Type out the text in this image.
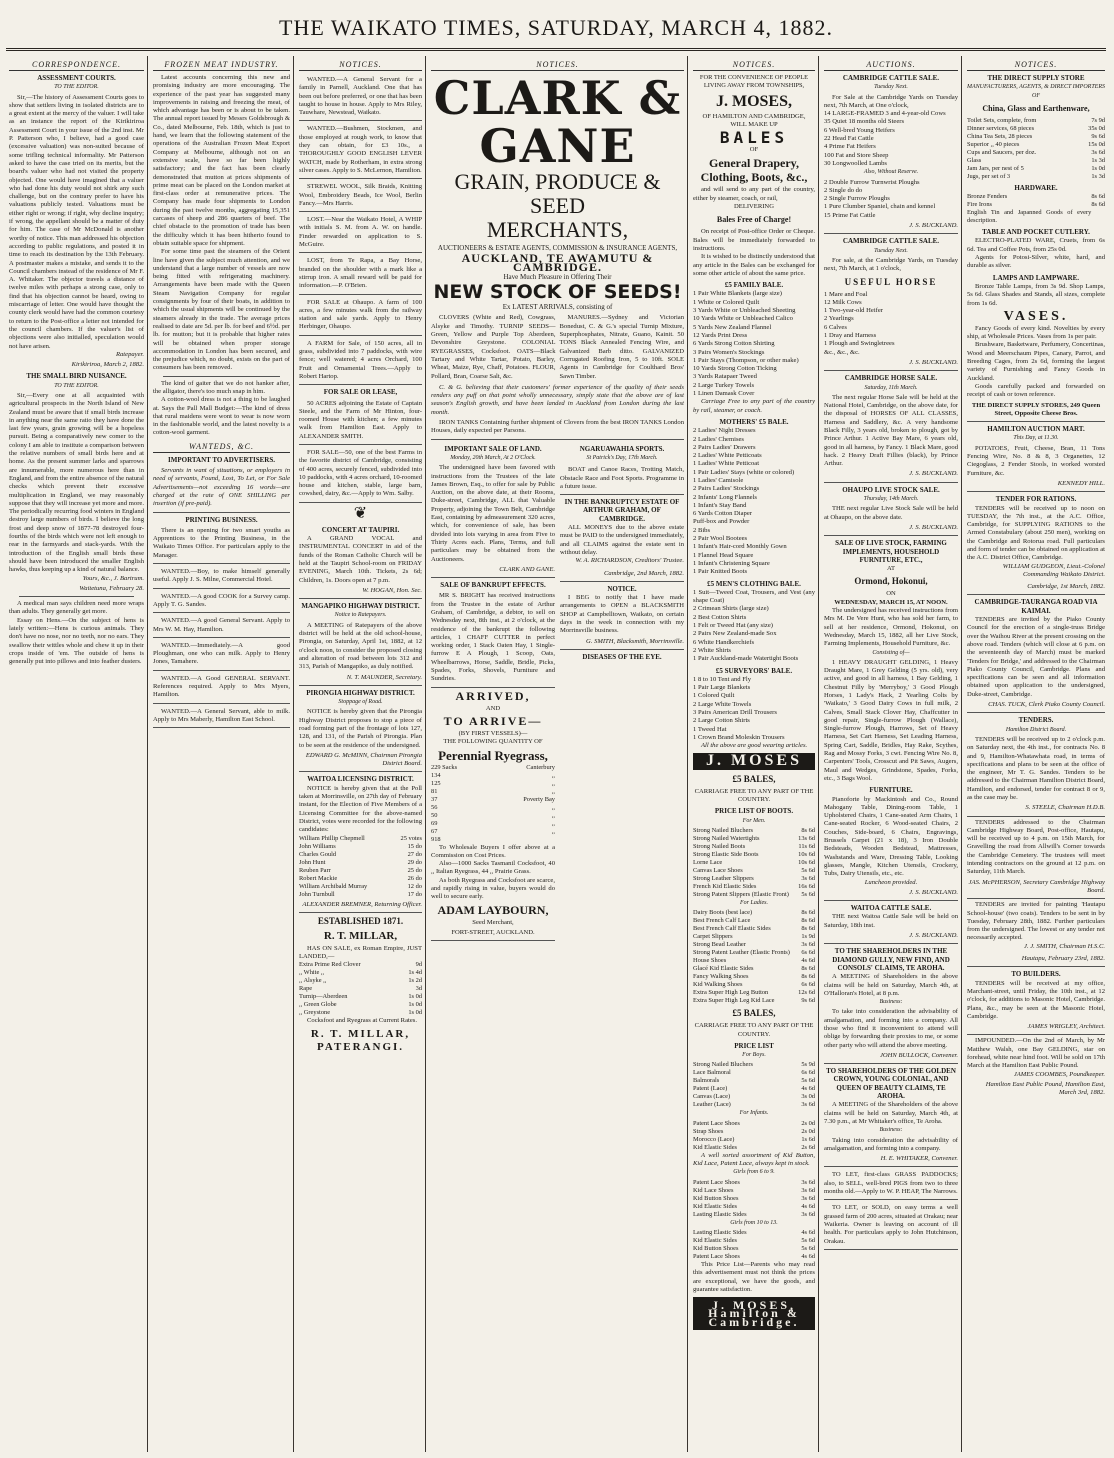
THE WAIKATO TIMES, SATURDAY, MARCH 4, 1882.
CORRESPONDENCE.
ASSESSMENT COURTS.
TO THE EDITOR.

Sir,—The history of Assessment Courts goes to show that settlers living in isolated districts are to a great extent at the mercy of the valuer. I will take as an instance the report of the Kirikiriroa Assessment Court in your issue of the 2nd inst. Mr P. Patterson who, I believe, had a good case (excessive valuation) was non-suited because of some trifling technical informality. Mr Patterson asked to have the case tried on its merits, but the board's valuer who had not visited the property objected. One would have imagined that a valuer who had done his duty would not shirk any such challenge, but on the contrary prefer to have his valuations publicly tested. Valuations must be either right or wrong; if right, why decline inquiry; if wrong, the appellant should be a matter of duty for him. The case of Mr McDonald is another worthy of notice. This man addressed his objection according to public regulations, and posted it in time to reach its destination by the 13th February. A postmaster makes a mistake, and sends it to the Council chambers instead of the residence of Mr F. A. Whitaker. The objector travels a distance of twelve miles with perhaps a strong case, only to find that his objection cannot be heard, owing to miscarriage of letter. One would have thought the county clerk would have had the common courtesy to return to the Post-office a letter not intended for the council chambers. If the valuer's list of objections were also initialled, speculation would not have arisen.

Ratepayer.
Kirikiriroa, March 2, 1882.
THE SMALL BIRD NUISANCE.
TO THE EDITOR.

Sir,—Every one at all acquainted with agricultural prospects in the North Island of New Zealand must be aware that if small birds increase in anything near the same ratio they have done the last few years, grain growing will be a hopeless pursuit. Being a comparatively new comer to the colony I am able to institute a comparison between the relative numbers of small birds here and at home. As the present summer larks and sparrows are innumerable, more numerous here than in England, and from the entire absence of the natural checks which prevent their excessive multiplication in England, we may reasonably suppose that they will increase yet more and more. The periodically recurring food winters in England destroy large numbers of birds. I believe the long frost and deep snow of 1877-78 destroyed four-fourths of the birds which were not left enough to rear in the farmyards and stack-yards. With the introduction of the English small birds these should have been introduced the smaller English hawks, thus keeping up a kind of natural balance.

Yours, &c., J. Bartrum.
Waitetuna, February 28.

A medical man says children need more wraps than adults. They generally get more.

Essay on Hens.—On the subject of hens is lately written:—Hens is curious animals. They don't have no nose, nor no teeth, nor no ears. They swallow their wittles whole and chew it up in their crops inside of 'em. The outside of hens is generally put into pillows and into feather dusters.

FROZEN MEAT INDUSTRY.

Latest accounts concerning this new and promising industry are more encouraging. The experience of the past year has suggested many improvements in raising and freezing the meat, of which advantage has been or is about to be taken. The annual report issued by Messrs Goldsbrough & Co., dated Melbourne, Feb. 18th, which is just to hand, we learn that the following statement of the operations of the Australian Frozen Meat Export Company at Melbourne, although not on an extensive scale, have so far been highly satisfactory; and the fact has been clearly demonstrated that mutton at prices shipments of prime meat can be placed on the London market at first-class order at remunerative prices. The Company has made four shipments to London during the past twelve months, aggregating 15,351 carcases of sheep and 286 quarters of beef. The chief obstacle to the promotion of trade has been the difficulty which it has been hitherto found to obtain suitable space for shipment.

For some time past the steamers of the Orient line have given the subject much attention, and we understand that a large number of vessels are now being fitted with refrigerating machinery. Arrangements have been made with the Queen Steam Navigation Company for regular consignments by four of their boats, in addition to which the usual shipments will be continued by the steamers already in the trade. The average prices realised to date are 5d. per lb. for beef and 6½d. per lb. for mutton; but it is probable that higher rates will be obtained when proper storage accommodation in London has been secured, and the prejudice which, no doubt, exists on the part of consumers has been removed.

The kind of gaiter that we do not hanker after, the alligator, there's too much snap in him.

A cotton-wool dress is not a thing to be laughed at. Says the Pall Mall Budget:—The kind of dress that rural maidens were wont to wear is now worn in the fashionable world, and the latest novelty is a cotton-wool garment.

WANTEDS, &C.
IMPORTANT TO ADVERTISERS.

Servants in want of situations, or employers in need of servants, Found, Lost, To Let, or For Sale Advertisements—not exceeding 16 words—are charged at the rate of ONE SHILLING per insertion (if pre-paid).

PRINTING BUSINESS.

There is an opening for two smart youths as Apprentices to the Printing Business, in the Waikato Times Office. For particulars apply to the Manager.

WANTED.—Boy, to make himself generally useful. Apply J. S. Milne, Commercial Hotel.

WANTED.—A good COOK for a Survey camp. Apply T. G. Sandes.

WANTED.—A good General Servant. Apply to Mrs W. M. Hay, Hamilton.

WANTED.—Immediately.—A good Ploughman, one who can milk. Apply to Henry Jones, Tamahere.

WANTED.—A Good GENERAL SERVANT. References required. Apply to Mrs Myers, Hamilton.

WANTED.—A General Servant, able to milk. Apply to Mrs Maberly, Hamilton East School.

NOTICES.

WANTED.—A General Servant for a family in Parnell, Auckland. One that has been out before preferred, or one that has been taught to house in house. Apply to Mrs Riley, Tauwhare, Newstead, Waikato.

WANTED.—Bushmen, Stockmen, and those employed at rough work, to know that they can obtain, for £3 10s., a THOROUGHLY GOOD ENGLISH LEVER WATCH, made by Rotherham, in extra strong silver cases. Apply to S. McLernon, Hamilton.

STREWEL WOOL, Silk Braids, Knitting Wool, Embroidery Beads, Ice Wool, Berlin Fancy.—Mrs Harris.

LOST.—Near the Waikato Hotel, A WHIP with initials S. M. from A. W. on handle. Finder rewarded on application to S. McGuire.

LOST, from Te Rapa, a Bay Horse, branded on the shoulder with a mark like a stirrup iron. A small reward will be paid for information.—P. O'Brien.

FOR SALE at Ohaupo. A farm of 100 acres, a few minutes walk from the railway station and sale yards. Apply to Henry Herbinger, Ohaupo.

A FARM for Sale, of 150 acres, all in grass, subdivided into 7 paddocks, with wire fence; well watered; 4 acres Orchard, 100 Fruit and Ornamental Trees.—Apply to Robert Hartop.

FOR SALE OR LEASE,

50 ACRES adjoining the Estate of Captain Steele, and the Farm of Mr Hinton, four-roomed House with kitchen; a few minutes walk from Hamilton East. Apply to ALEXANDER SMITH.

FOR SALE—50, one of the best Farms in the favorite district of Cambridge, consisting of 400 acres, securely fenced, subdivided into 10 paddocks, with 4 acres orchard, 10-roomed house and kitchen, stable, large barn, cowshed, dairy, &c.—Apply to Wm. Salby.

❦
CONCERT AT TAUPIRI.

A GRAND VOCAL and INSTRUMENTAL CONCERT in aid of the funds of the Roman Catholic Church will be held at the Taupiri School-room on FRIDAY EVENING, March 10th. Tickets, 2s 6d; Children, 1s. Doors open at 7 p.m.

W. HOGAN, Hon. Sec.
MANGAPIKO HIGHWAY DISTRICT.
Notice to Ratepayers.

A MEETING of Ratepayers of the above district will be held at the old school-house, Pirongia, on Saturday, April 1st, 1882, at 12 o'clock noon, to consider the proposed closing and alteration of road between lots 312 and 313, Parish of Mangapiko, as duly notified.

N. T. MAUNDER, Secretary.
PIRONGIA HIGHWAY DISTRICT.
Stoppage of Road.

NOTICE is hereby given that the Pirongia Highway District proposes to stop a piece of road forming part of the frontage of lots 127, 128, and 131, of the Parish of Pirongia. Plan to be seen at the residence of the undersigned.

EDWARD G. McMINN, Chairman Pirongia District Board.
WAITOA LICENSING DISTRICT.

NOTICE is hereby given that at the Poll taken at Morrinsville, on 27th day of February instant, for the Election of Five Members of a Licensing Committee for the above-named District, votes were recorded for the following candidates:

William Phillip Chepmell	25 votes
John Williams	15 do
Charles Gould	27 do
John Hunt	29 do
Reuben Parr	25 do
Robert Mackie	26 do
William Archibald Murray	12 do
John Turnbull	17 do
ALEXANDER BREMNER, Returning Officer.
ESTABLISHED 1871.
R. T. MILLAR,

HAS ON SALE, ex Roman Empire, JUST LANDED,—

Extra Prime Red Clover	9d
,, White ,,	1s 4d
,, Alsyke ,,	1s 2d
Rape	3d
Turnip—Aberdeen	1s 0d
,, Green Globe	1s 0d
,, Greystone	1s 0d

Cocksfoot and Ryegrass at Current Rates.

R. T. MILLAR, PATERANGI.
NOTICES.
CLARK & GANE
GRAIN, PRODUCE & SEED
MERCHANTS,
AUCTIONEERS & ESTATE AGENTS, COMMISSION & INSURANCE AGENTS,
AUCKLAND, TE AWAMUTU & CAMBRIDGE.
Have Much Pleasure in Offering Their
NEW STOCK OF SEEDS!
Ex LATEST ARRIVALS, consisting of

CLOVERS (White and Red), Cowgrass, Alsyke and Timothy. TURNIP SEEDS—Green, Yellow and Purple Top Aberdeen, Devonshire Greystone. COLONIAL RYEGRASSES, Cocksfoot. OATS—Black Tartary and White Tartar, Potato, Barley, Wheat, Maize, Rye, Chaff, Potatoes. FLOUR, Pollard, Bran, Coarse Salt, &c.

MANURES.—Sydney and Victorian Bonedust, C. & G.'s special Turnip Mixture, Superphosphates, Nitrate, Guano, Kainit. 50 TONS Black Annealed Fencing Wire, and Galvanized Barb ditto. GALVANIZED Corrugated Roofing Iron, 5 to 10ft. SOLE Agents in Cambridge for Coulthard Bros' Sawn Timber.

C. & G. believing that their customers' former experience of the quality of their seeds renders any puff on that point wholly unnecessary, simply state that the above are of last season's English growth, and have been landed in Auckland from London during the last month.

IRON TANKS Containing further shipment of Clovers from the best IRON TANKS London Houses, daily expected per Parsons.

IMPORTANT SALE OF LAND.
Monday, 20th March, At 2 O'Clock.

The undersigned have been favored with instructions from the Trustees of the late James Brown, Esq., to offer for sale by Public Auction, on the above date, at their Rooms, Duke-street, Cambridge, ALL that Valuable Property, adjoining the Town Belt, Cambridge East, containing by admeasurement 320 acres, which, for convenience of sale, has been divided into lots varying in area from Five to Thirty Acres each. Plans, Terms, and full particulars may be obtained from the Auctioneers.

CLARK AND GANE.
SALE OF BANKRUPT EFFECTS.

MR S. BRIGHT has received instructions from the Trustee in the estate of Arthur Graham, of Cambridge, a debtor, to sell on Wednesday next, 8th inst., at 2 o'clock, at the residence of the bankrupt the following articles, 1 CHAFF CUTTER in perfect working order, 1 Stack Oaten Hay, 1 Single-furrow E A Plough, 1 Scoop, Oats, Wheelbarrows, Horse, Saddle, Bridle, Picks, Spades, Forks, Shovels, Furniture and Sundries.

ARRIVED,
AND
TO ARRIVE—
(BY FIRST VESSELS)—
THE FOLLOWING QUANTITY OF
Perennial Ryegrass,
229 Sacks	Canterbury
134	,,
125	,,
81	,,
37	Poverty Bay
56	,,
50	,,
69	,,
67	,,
918	

To Wholesale Buyers I offer above at a Commission on Cost Prices.

Also—1000 Sacks Tasmanil Cocksfoot, 40 ,, Italian Ryegrass, 44 ,, Prairie Grass.

As both Ryegrass and Cocksfoot are scarce, and rapidly rising in value, buyers would do well to secure early.

ADAM LAYBOURN,
Seed Merchant,
FORT-STREET, AUCKLAND.
NGARUAWAHIA SPORTS.
St Patrick's Day, 17th March.

BOAT and Canoe Races, Trotting Match, Obstacle Race and Foot Sports. Programme in a future issue.

IN THE BANKRUPTCY ESTATE OF ARTHUR GRAHAM, OF CAMBRIDGE.

ALL MONEYS due to the above estate must be PAID to the undersigned immediately, and all CLAIMS against the estate sent in without delay.

W. A. RICHARDSON, Creditors' Trustee.
Cambridge, 2nd March, 1882.
NOTICE.

I BEG to notify that I have made arrangements to OPEN a BLACKSMITH SHOP at Campbelltown, Waikato, on certain days in the week in connection with my Morrinsville business.

G. SMITH, Blacksmith, Morrinsville.
DISEASES OF THE EYE.
NOTICES.
FOR THE CONVENIENCE OF PEOPLE LIVING AWAY FROM TOWNSHIPS,
J. MOSES,
OF HAMILTON AND CAMBRIDGE,
WILL MAKE UP
BALES
OF
General Drapery, Clothing, Boots, &c.,

and will send to any part of the country, either by steamer, coach, or rail,

DELIVERING
Bales Free of Charge!

On receipt of Post-office Order or Cheque. Bales will be immediately forwarded to instructions.

It is wished to be distinctly understood that any article in the Bales can be exchanged for some other article of about the same price.

£5 FAMILY BALE.
1 Pair White Blankets (large size)
1 White or Colored Quilt
3 Yards White or Unbleached Sheeting
10 Yards White or Unbleached Calico
5 Yards New Zealand Flannel
12 Yards Print Dress
6 Yards Strong Cotton Shirting
3 Pairs Women's Stockings
1 Pair Stays (Thompson, or other make)
10 Yards Strong Cotton Ticking
3 Yards Ratapaer Tweed
2 Large Turkey Towels
1 Linen Damask Cover

Carriage Free to any part of the country by rail, steamer, or coach.

MOTHERS' £5 BALE.
2 Ladies' Night Dresses
2 Ladies' Chemises
2 Pairs Ladies' Drawers
2 Ladies' White Petticoats
1 Ladies' White Petticoat
1 Pair Ladies' Stays (white or colored)
1 Ladies' Camisole
2 Pairs Ladies' Stockings
2 Infants' Long Flannels
1 Infant's Stay Band
6 Yards Cotton Diaper
Puff-box and Powder
2 Bibs
2 Pair Wool Bootees
1 Infant's Hair-cord Monthly Gown
1 Flannel Head Square
1 Infant's Christening Square
1 Pair Knitted Boots
£5 MEN'S CLOTHING BALE.
1 Suit—Tweed Coat, Trousers, and Vest (any shape Coat)
2 Crimean Shirts (large size)
2 Best Cotton Shirts
1 Felt or Tweed Hat (any size)
2 Pairs New Zealand-made Sox
6 White Handkerchiefs
2 White Shirts
1 Pair Auckland-made Watertight Boots
£5 SURVEYORS' BALE.
1 8 to 10 Tent and Fly
1 Pair Large Blankets
1 Colored Quilt
2 Large White Towels
3 Pairs American Drill Trousers
2 Large Cotton Shirts
1 Tweed Hat
1 Crown Brand Moleskin Trousers

All the above are good wearing articles.

J. MOSES
£5 BALES,
CARRIAGE FREE TO ANY PART OF THE COUNTRY.
PRICE LIST OF BOOTS.
For Men.
Strong Nailed Bluchers	8s 6d
Strong Nailed Watertights	13s 6d
Strong Nailed Boots	11s 6d
Strong Elastic Side Boots	10s 6d
Lorne Lace	10s 6d
Canvas Lace Shoes	5s 6d
Strong Leather Slippers	3s 6d
French Kid Elastic Sides	16s 6d
Strong Patent Slippers (Elastic Front)	5s 6d
For Ladies.
Dairy Boots (best lace)	8s 6d
Best French Calf Lace	8s 6d
Best French Calf Elastic Sides	8s 6d
Carpet Slippers	1s 9d
Strong Bead Leather	3s 6d
Strong Patent Leather (Elastic Fronts)	6s 6d
House Shoes	4s 6d
Glacé Kid Elastic Sides	8s 6d
Fancy Walking Shoes	8s 6d
Kid Walking Shoes	6s 6d
Extra Super High Leg Button	12s 6d
Extra Super High Leg Kid Lace	9s 6d
£5 BALES,
CARRIAGE FREE TO ANY PART OF THE COUNTRY.
PRICE LIST
For Boys.
Strong Nailed Bluchers	5s 9d
Lace Balmoral	6s 6d
Balmorals	5s 6d
Patent (Lace)	4s 6d
Canvas (Lace)	3s 0d
Leather (Lace)	3s 6d
For Infants.
Patent Lace Shoes	2s 0d
Strap Shoes	2s 0d
Morocco (Lace)	1s 6d
Kid Elastic Sides	2s 6d

A well sorted assortment of Kid Button, Kid Lace, Patent Lace, always kept in stock.

Girls from 6 to 9.
Patent Lace Shoes	3s 6d
Kid Lace Shoes	3s 6d
Kid Button Shoes	3s 6d
Kid Elastic Sides	4s 6d
Lasting Elastic Sides	3s 6d
Girls from 10 to 13.
Lasting Elastic Sides	4s 6d
Kid Elastic Sides	5s 6d
Kid Button Shoes	5s 6d
Patent Lace Shoes	4s 6d

This Price List—Parents who may read this advertisement must not think the prices are exceptional, we have the goods, and guarantee satisfaction.

J. MOSES, Hamilton & Cambridge.
AUCTIONS.
CAMBRIDGE CATTLE SALE.
Tuesday Next.

For Sale at the Cambridge Yards on Tuesday next, 7th March, at One o'clock,

14 LARGE-FRAMED 3 and 4-year-old Cows
35 Quiet 18 months old Steers
6 Well-bred Young Heifers
22 Head Fat Cattle
4 Prime Fat Heifers
100 Fat and Store Sheep
30 Longwoolled Lambs
Also, Without Reserve.
2 Double Furrow Turnwrist Ploughs
2 Single do do
2 Single Furrow Ploughs
1 Pure Clumber Spaniel, chain and kennel
15 Prime Fat Cattle
J. S. BUCKLAND.
CAMBRIDGE CATTLE SALE.
Tuesday Next.

For sale, at the Cambridge Yards, on Tuesday next, 7th March, at 1 o'clock,

USEFUL HORSE
1 Mare and Foal
12 Milk Cows
1 Two-year-old Heifer
2 Yearlings
6 Calves
1 Dray and Harness
1 Plough and Swingletrees
&c., &c., &c.
J. S. BUCKLAND.
CAMBRIDGE HORSE SALE.
Saturday, 11th March.

The next regular Horse Sale will be held at the National Hotel, Cambridge, on the above date, for the disposal of HORSES OF ALL CLASSES, Harness and Saddlery, &c. A very handsome Black Filly, 3 years old, broken to plough, got by Prince Arthur. 1 Active Bay Mare, 6 years old, good in all harness, by Fancy. 1 Black Mare, good hack. 2 Heavy Draft Fillies (black), by Prince Arthur.

J. S. BUCKLAND.
OHAUPO LIVE STOCK SALE.
Thursday, 14th March.

THE next regular Live Stock Sale will be held at Ohaupo, on the above date.

J. S. BUCKLAND.
SALE OF LIVE STOCK, FARMING IMPLEMENTS, HOUSEHOLD FURNITURE, ETC.,
AT
Ormond, Hokonui,
ON
WEDNESDAY, MARCH 15, AT NOON.

The undersigned has received instructions from Mrs M. De Vere Hunt, who has sold her farm, to sell at her residence, Ormond, Hokonui, on Wednesday, March 15, 1882, all her Live Stock, Farming Implements, Household Furniture, &c.

Consisting of—

1 HEAVY DRAUGHT GELDING, 1 Heavy Draught Mare, 1 Grey Gelding (5 yrs. old), very active, and good in all harness, 1 Bay Gelding, 1 Chestnut Filly by 'Merryboy,' 3 Good Plough Horses, 1 Lady's Hack, 2 Yearling Colts by 'Waikato,' 3 Good Dairy Cows in full milk, 2 Calves, Small Stack Clover Hay, Chaffcutter in good repair, Single-furrow Plough (Wallace), Single-furrow Plough, Harrows, Set of Heavy Harness, Set Cart Harness, Set Leading Harness, Spring Cart, Saddle, Bridles, Hay Rake, Scythes, Rag and Mossy Forks, 3 cwt. Fencing Wire No. 8, Carpenters' Tools, Crosscut and Pit Saws, Augers, Maul and Wedges, Grindstone, Spades, Forks, etc., 3 Bags Wool.

FURNITURE.

Pianoforte by Mackintosh and Co., Round Mahogany Table, Dining-room Table, 1 Upholstered Chairs, 1 Cane-seated Arm Chairs, 1 Cane-seated Rocker, 6 Wood-seated Chairs, 2 Couches, Side-board, 6 Chairs, Engravings, Brussels Carpet (21 x 18), 3 Iron Double Bedsteads, Wooden Bedstead, Mattresses, Washstands and Ware, Dressing Table, Looking glasses, Mangle, Kitchen Utensils, Crockery, Tubs, Dairy Utensils, etc., etc.

Luncheon provided.
J. S. BUCKLAND.
WAITOA CATTLE SALE.

THE next Waitoa Cattle Sale will be held on Saturday, 18th inst.

J. S. BUCKLAND.
TO THE SHAREHOLDERS IN THE DIAMOND GULLY, NEW FIND, AND CONSOLS' CLAIMS, TE AROHA.

A MEETING of Shareholders in the above claims will be held on Saturday, March 4th, at O'Halloran's Hotel, at 8 p.m.

Business:

To take into consideration the advisability of amalgamation, and forming into a company. All those who find it inconvenient to attend will oblige by forwarding their proxies to me, or some other party who will attend the above meeting.

JOHN BULLOCK, Convener.
TO SHAREHOLDERS OF THE GOLDEN CROWN, YOUNG COLONIAL, AND QUEEN OF BEAUTY CLAIMS, TE AROHA.

A MEETING of the Shareholders of the above claims will be held on Saturday, March 4th, at 7.30 p.m., at Mr Whitaker's office, Te Aroha.

Business:

Taking into consideration the advisability of amalgamation, and forming into a company.

H. E. WHITAKER, Convener.

TO LET, first-class GRASS PADDOCKS; also, to SELL, well-bred PIGS from two to three months old.—Apply to W. P. HEAP, The Narrows.

TO LET, or SOLD, on easy terms a well grassed farm of 200 acres, situated at Orakau; near Waikeria. Owner is leaving on account of ill health. For particulars apply to John Hutchinson, Orakau.

NOTICES.
THE DIRECT SUPPLY STORE
MANUFACTURERS, AGENTS, & DIRECT IMPORTERS OF
China, Glass and Earthenware,
Toilet Sets, complete, from	7s 9d
Dinner services, 68 pieces	35s 0d
China Tea Sets, 28 pieces	9s 6d
Superior ,, 40 pieces	15s 0d
Cups and Saucers, per doz.	3s 6d
Glass	1s 3d
Jam Jars, per nest of 5	1s 0d
Jugs, per set of 3	1s 3d
HARDWARE.
Bronze Fenders	8s 6d
Fire Irons	8s 6d
English Tin and Japanned Goods of every description.	
TABLE AND POCKET CUTLERY.

ELECTRO-PLATED WARE, Cruets, from 6s 6d. Tea and Coffee Pots, from 25s 0d.

Agents for Potosi-Silver, white, hard, and durable as silver.

LAMPS AND LAMPWARE.

Bronze Table Lamps, from 3s 9d. Shop Lamps, 5s 6d. Glass Shades and Stands, all sizes, complete from 1s 6d.

VASES.

Fancy Goods of every kind. Novelties by every ship, at Wholesale Prices. Vases from 1s per pair.

Brushware, Basketware, Perfumery, Concertinas, Wood and Meerschaum Pipes, Canary, Parrot, and Breeding Cages, from 2s 6d, forming the largest variety of Furnishing and Fancy Goods in Auckland.

Goods carefully packed and forwarded on receipt of cash or town reference.

THE DIRECT SUPPLY STORES, 249 Queen Street, Opposite Cheese Bros.
HAMILTON AUCTION MART.
This Day, at 11.30.

POTATOES, Fruit, Cheese, Bran, 11 Tons Fencing Wire, No. 8 & 8, 3 Organettes, 12 Ciegoglass, 2 Fender Stools, in worked worsted Furniture, &c.

KENNEDY HILL.
TENDER FOR RATIONS.

TENDERS will be received up to noon on TUESDAY, the 7th inst., at the A.C. Office, Cambridge, for SUPPLYING RATIONS to the Armed Constabulary (about 250 men), working on the Cambridge and Rotorua road. Full particulars and form of tender can be obtained on application at the A.C. District Office, Cambridge.

WILLIAM GUDGEON, Lieut.-Colonel Commanding Waikato District.
Cambridge, 1st March, 1882.
CAMBRIDGE-TAURANGA ROAD VIA KAIMAI.

TENDERS are invited by the Piako County Council for the erection of a single-truss Bridge over the Waihou River at the present crossing on the above road. Tenders (which will close at 6 p.m. on the seventeenth day of March) must be marked 'Tenders for Bridge,' and addressed to the Chairman Piako County Council, Cambridge. Plans and specifications can be seen and all information obtained upon application to the undersigned, Duke-street, Cambridge.

CHAS. TUCK, Clerk Piako County Council.
TENDERS.
Hamilton District Board.

TENDERS will be received up to 2 o'clock p.m. on Saturday next, the 4th inst., for contracts No. 8 and 9, Hamilton-Whatawhata road, in terms of specifications and plans to be seen at the office of the engineer, Mr T. G. Sandes. Tenders to be addressed to the Chairman Hamilton District Board, Hamilton, and endorsed, tender for contract 8 or 9, as the case may be.

S. STEELE, Chairman H.D.B.

TENDERS addressed to the Chairman Cambridge Highway Board, Post-office, Hautapu, will be received up to 4 p.m. on 15th March, for Gravelling the road from Allwill's Corner towards the Cambridge Cemetery. The trustees will meet intending contractors on the ground at 12 p.m. on Saturday, 11th March.

JAS. McPHERSON, Secretary Cambridge Highway Board.

TENDERS are invited for painting 'Hautapu School-house' (two coats). Tenders to be sent in by Tuesday, February 28th, 1882. Further particulars from the undersigned. The lowest or any tender not necessarily accepted.

J. J. SMITH, Chairman H.S.C.
Hautapu, February 23rd, 1882.
TO BUILDERS.

TENDERS will be received at my office, Marchant-street, until Friday, the 10th inst., at 12 o'clock, for additions to Masonic Hotel, Cambridge. Plans, &c., may be seen at the Masonic Hotel, Cambridge.

JAMES WRIGLEY, Architect.

IMPOUNDED.—On the 2nd of March, by Mr Matthew Walsh, one Bay GELDING, star on forehead, white near hind foot. Will be sold on 17th March at the Hamilton East Public Pound.

JAMES COOMBES, Poundkeeper.
Hamilton East Public Pound, Hamilton East, March 3rd, 1882.
